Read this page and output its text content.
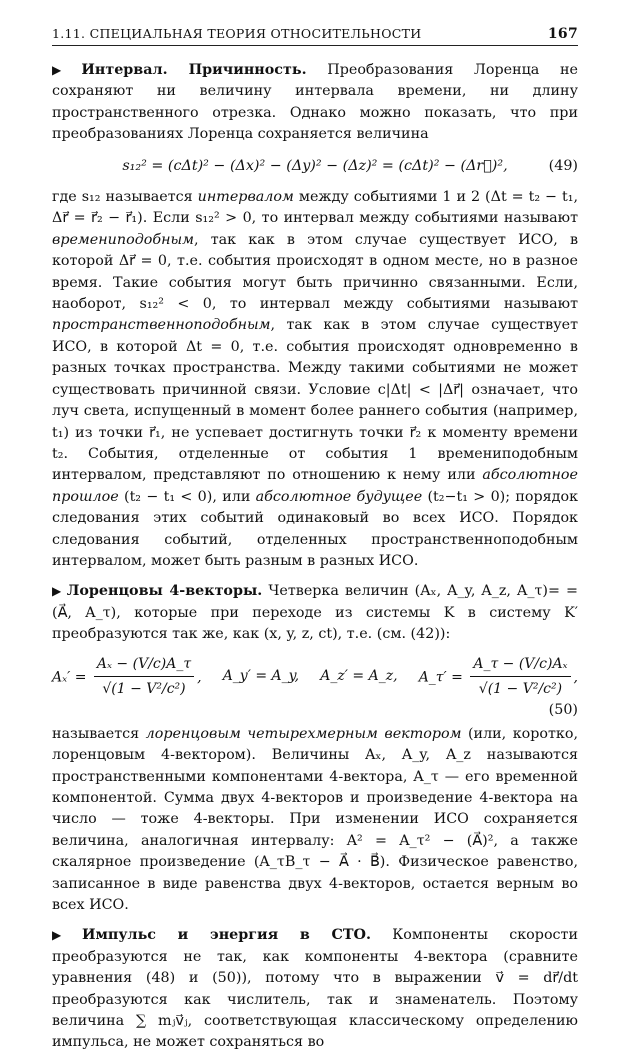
1.11. СПЕЦИАЛЬНАЯ ТЕОРИЯ ОТНОСИТЕЛЬНОСТИ	167

▶ Интервал. Причинность. Преобразования Лоренца не сохраняют ни величину интервала времени, ни длину пространственного отрезка. Однако можно показать, что при преобразованиях Лоренца сохраняется величина

s₁₂² = (cΔt)² − (Δx)² − (Δy)² − (Δz)² = (cΔt)² − (Δr⃗)²,	(49)

где s₁₂ называется интервалом между событиями 1 и 2 (Δt = t₂ − t₁, Δr⃗ = r⃗₂ − r⃗₁). Если s₁₂² > 0, то интервал между событиями называют времениподобным, так как в этом случае существует ИСО, в которой Δr⃗ = 0, т.е. события происходят в одном месте, но в разное время. Такие события могут быть причинно связанными. Если, наоборот, s₁₂² < 0, то интервал между событиями называют пространственноподобным, так как в этом случае существует ИСО, в которой Δt = 0, т.е. события происходят одновременно в разных точках пространства. Между такими событиями не может существовать причинной связи. Условие c|Δt| < |Δr⃗| означает, что луч света, испущенный в момент более раннего события (например, t₁) из точки r⃗₁, не успевает достигнуть точки r⃗₂ к моменту времени t₂. События, отделенные от события 1 времениподобным интервалом, представляют по отношению к нему или абсолютное прошлое (t₂ − t₁ < 0), или абсолютное будущее (t₂−t₁ > 0); порядок следования этих событий одинаковый во всех ИСО. Порядок следования событий, отделенных пространственноподобным интервалом, может быть разным в разных ИСО.

▶ Лоренцовы 4-векторы. Четверка величин (Aₓ, A_y, A_z, A_τ)= =(A⃗, A_τ), которые при переходе из системы K в систему K′ преобразуются так же, как (x, y, z, ct), т.е. (см. (42)):

$A_x' = \frac{\text{Aₓ − (V/c)A\_τ}}{\text{√(1 − V²/c²)}}$ , A_y′ = A_y, A_z′ = A_z, A_τ′ = $\frac{\text{A\_τ − (V/c)Aₓ}}{\text{√(1 − V²/c²)}}$ ,
(50)

называется лоренцовым четырехмерным вектором (или, коротко, лоренцовым 4-вектором). Величины Aₓ, A_y, A_z называются пространственными компонентами 4-вектора, A_τ — его временной компонентой. Сумма двух 4-векторов и произведение 4-вектора на число — тоже 4-векторы. При изменении ИСО сохраняется величина, аналогичная интервалу: A² = A_τ² − (A⃗)², а также скалярное произведение (A_τB_τ − A⃗ · B⃗). Физическое равенство, записанное в виде равенства двух 4-векторов, остается верным во всех ИСО.

▶ Импульс и энергия в СТО. Компоненты скорости преобразуются не так, как компоненты 4-вектора (сравните уравнения (48) и (50)), потому что в выражении v⃗ = dr⃗/dt преобразуются как числитель, так и знаменатель. Поэтому величина ∑ mⱼv⃗ⱼ, соответствующая классическому определению импульса, не может сохраняться во
